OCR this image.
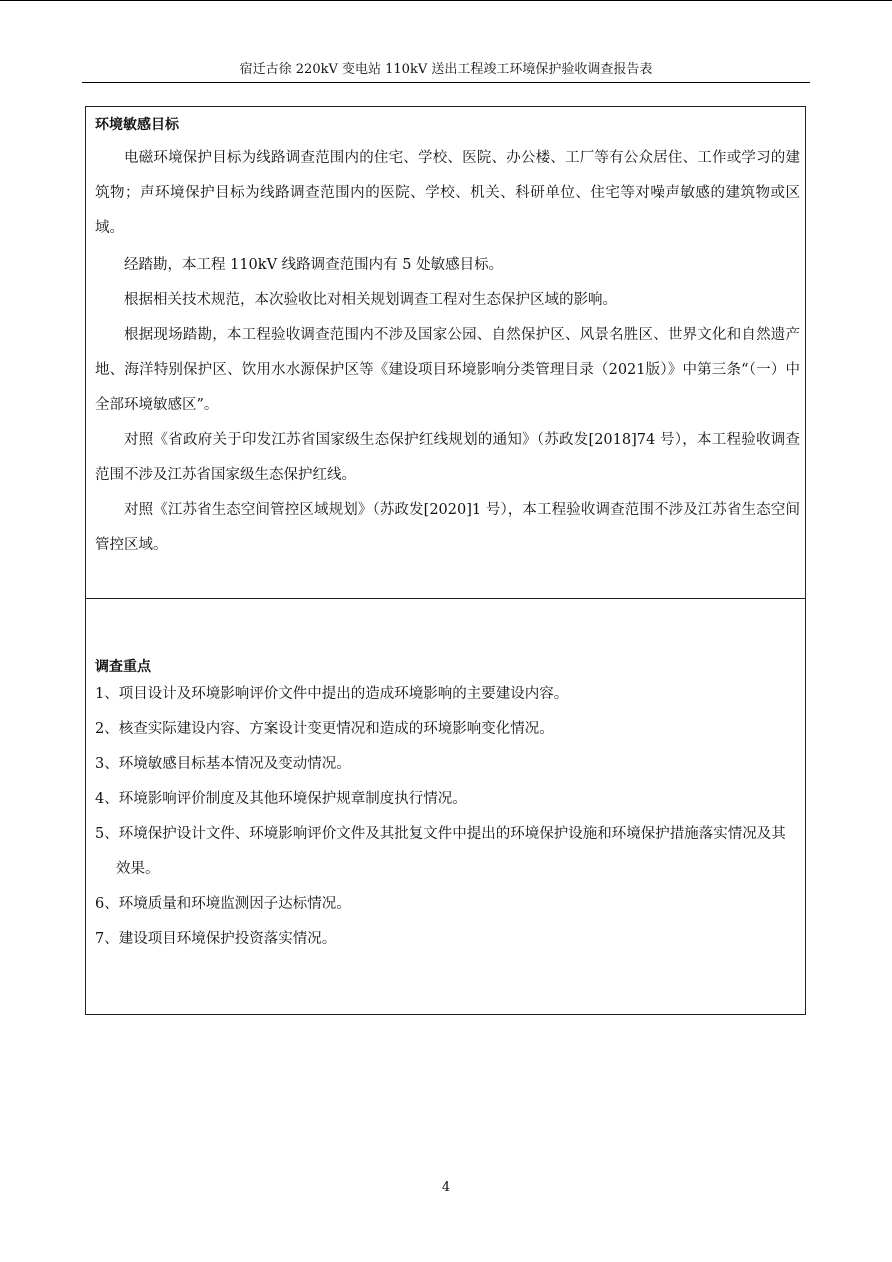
宿迁古徐 220kV 变电站 110kV 送出工程竣工环境保护验收调查报告表
环境敏感目标

电磁环境保护目标为线路调查范围内的住宅、学校、医院、办公楼、工厂等有公众居住、工作或学习的建筑物；声环境保护目标为线路调查范围内的医院、学校、机关、科研单位、住宅等对噪声敏感的建筑物或区域。

经踏勘，本工程 110kV 线路调查范围内有 5 处敏感目标。

根据相关技术规范，本次验收比对相关规划调查工程对生态保护区域的影响。

根据现场踏勘，本工程验收调查范围内不涉及国家公园、自然保护区、风景名胜区、世界文化和自然遗产地、海洋特别保护区、饮用水水源保护区等《建设项目环境影响分类管理目录（2021版）》中第三条“（一）中全部环境敏感区”。

对照《省政府关于印发江苏省国家级生态保护红线规划的通知》（苏政发[2018]74 号），本工程验收调查范围不涉及江苏省国家级生态保护红线。

对照《江苏省生态空间管控区域规划》（苏政发[2020]1 号），本工程验收调查范围不涉及江苏省生态空间管控区域。

调查重点
1、项目设计及环境影响评价文件中提出的造成环境影响的主要建设内容。
2、核查实际建设内容、方案设计变更情况和造成的环境影响变化情况。
3、环境敏感目标基本情况及变动情况。
4、环境影响评价制度及其他环境保护规章制度执行情况。
5、环境保护设计文件、环境影响评价文件及其批复文件中提出的环境保护设施和环境保护措施落实情况及其效果。
6、环境质量和环境监测因子达标情况。
7、建设项目环境保护投资落实情况。
4
